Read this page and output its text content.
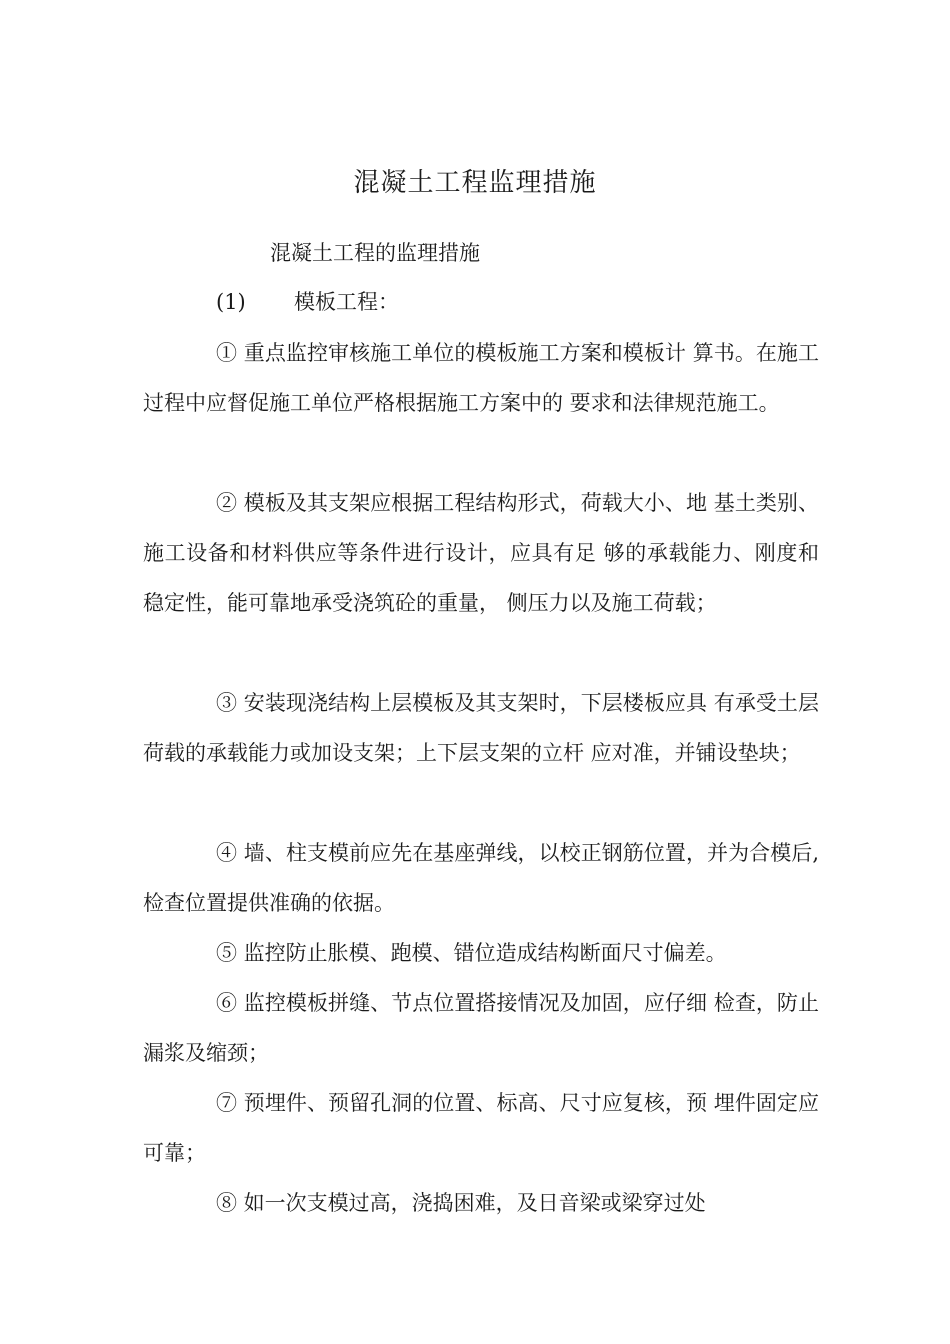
混凝土工程监理措施

混凝土工程的监理措施

(1) 模板工程：

① 重点监控审核施工单位的模板施工方案和模板计 算书。在施工过程中应督促施工单位严格根据施工方案中的 要求和法律规范施工。

② 模板及其支架应根据工程结构形式，荷载大小、地 基土类别、施工设备和材料供应等条件进行设计，应具有足 够的承载能力、刚度和稳定性，能可靠地承受浇筑砼的重量， 侧压力以及施工荷载；

③ 安装现浇结构上层模板及其支架时，下层楼板应具 有承受土层荷载的承载能力或加设支架；上下层支架的立杆 应对准，并铺设垫块；

④ 墙、柱支模前应先在基座弹线，以校正钢筋位置，并为合模后,检查位置提供准确的依据。

⑤ 监控防止胀模、跑模、错位造成结构断面尺寸偏差。

⑥ 监控模板拼缝、节点位置搭接情况及加固，应仔细 检查，防止漏浆及缩颈；

⑦ 预埋件、预留孔洞的位置、标高、尺寸应复核，预 埋件固定应可靠；

⑧ 如一次支模过高，浇捣困难，及日音梁或梁穿过处
